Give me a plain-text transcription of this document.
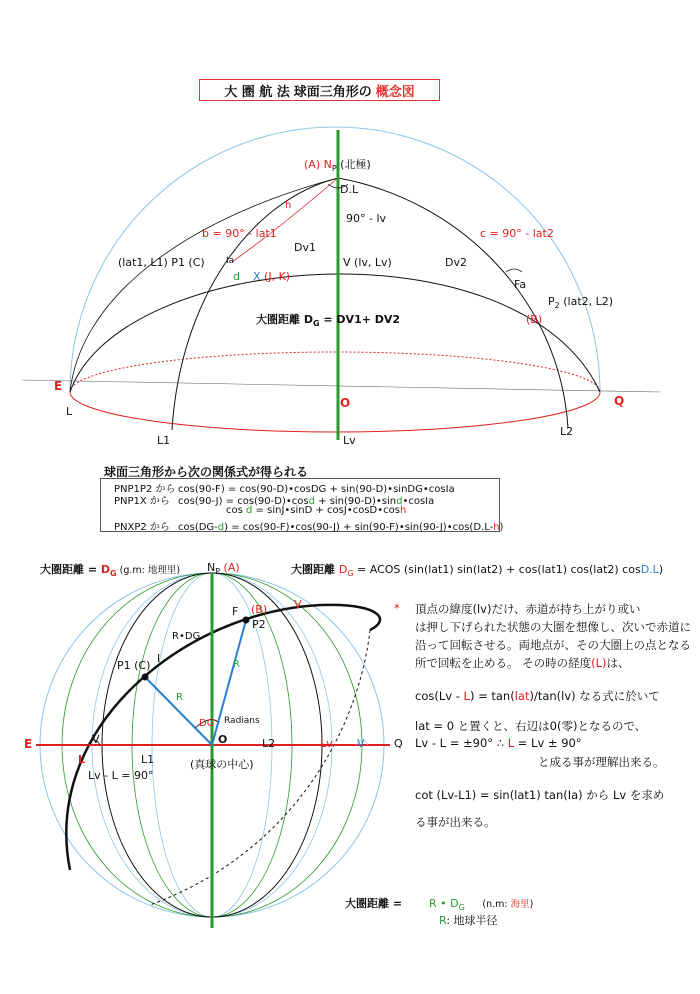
大 圏 航 法 球面三角形の 概念図
(A) $N_P$ (北極)
D.L
h
90° - lv
b = 90° - lat1	c = 90° - lat2
Dv1
Dv2
(lat1, L1) P1 (C) Ia	V (lv, Lv)
d X (J, K)
Fa
$P_2$ (lat2, L2)
(B)
大圏距離 $D_G = DV1+ DV2$
E
L
O	Q
L1	Lv
L2
球面三角形から次の関係式が得られる
PNP1P2 から cos(90-F) = cos(90-D)•cosDG + sin(90-D)•sinDG•cosIa
PNP1X から cos(90-J) = cos(90-D)•cosd + sin(90-D)•sind•cosIa
cos d = sinJ•sinD + cosJ•cosD•cosh
PNXP2 から cos(DG-d) = cos(90-F)•cos(90-J) + sin(90-F)•sin(90-J)•cos(D.L-h)
大圏距離 = $D_G$ (g.m: 地理里) $N_P$ (A)	大圏距離 $D_G$ = ACOS (sin(lat1) sin(lat2) + cos(lat1) cos(lat2) cosD.L)
F (B) V
P2
R•DG
I
P1 (C)
R
R
DG Radians
E	V
L1
O	L2	Lv V	Q
L
Lv - L = 90°
(真球の中心)
* 頂点の緯度(lv)だけ、赤道が持ち上がり或い
は押し下げられた状態の大圏を想像し、次いで赤道に
沿って回転させる。両地点が、その大圏上の点となる
所で回転を止める。 その時の経度(L)は、
cos(Lv - L) = tan(lat)/tan(lv) なる式に於いて
lat = 0 と置くと、右辺は0(零)となるので、
Lv - L = ±90° ∴ L = Lv ± 90°
と成る事が理解出来る。
cot (Lv-L1) = sin(lat1) tan(Ia) から Lv を求め
る事が出来る。
大圏距離 = R • $D_G$ (n.m: 海里)
R: 地球半径
